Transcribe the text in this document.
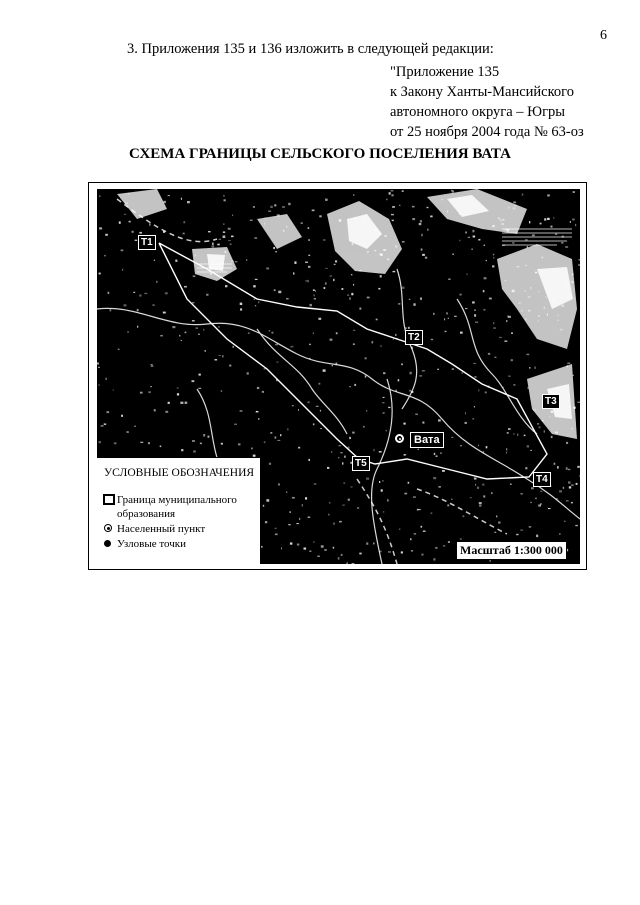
6
3. Приложения 135 и 136 изложить в следующей редакции:
"Приложение 135
к Закону Ханты-Мансийского
автономного округа – Югры
от 25 ноября 2004 года № 63-оз
СХЕМА ГРАНИЦЫ СЕЛЬСКОГО ПОСЕЛЕНИЯ ВАТА
Т1
Т2
Т3
Т4
Т5
Вата
УСЛОВНЫЕ ОБОЗНАЧЕНИЯ
Граница муниципального
образования
Населенный пункт
Узловые точки	Масштаб 1:300 000
